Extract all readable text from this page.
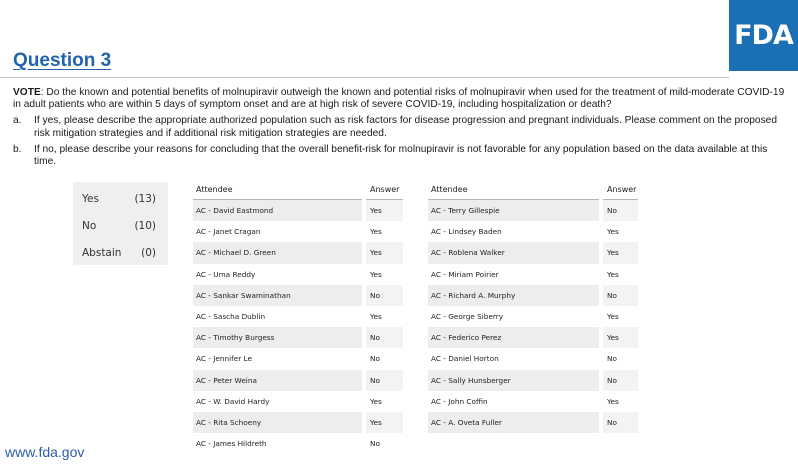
FDA
Question 3

VOTE: Do the known and potential benefits of molnupiravir outweigh the known and potential risks of molnupiravir when used for the treatment of mild-moderate COVID-19 in adult patients who are within 5 days of symptom onset and are at high risk of severe COVID-19, including hospitalization or death?

a.	If yes, please describe the appropriate authorized population such as risk factors for disease progression and pregnant individuals. Please comment on the proposed risk mitigation strategies and if additional risk mitigation strategies are needed.
b.	If no, please describe your reasons for concluding that the overall benefit-risk for molnupiravir is not favorable for any population based on the data available at this time.
Yes	(13)
No	(10)
Abstain (0)
Attendee	Answer
AC - David Eastmond	Yes
AC - Janet Cragan	Yes
AC - Michael D. Green	Yes
AC - Uma Reddy	Yes
AC - Sankar Swaminathan	No
AC - Sascha Dublin	Yes
AC - Timothy Burgess	No
AC - Jennifer Le	No
AC - Peter Weina	No
AC - W. David Hardy	Yes
AC - Rita Schoeny	Yes
AC - James Hildreth	No
Attendee	Answer
AC - Terry Gillespie	No
AC - Lindsey Baden	Yes
AC - Roblena Walker	Yes
AC - Miriam Poirier	Yes
AC - Richard A. Murphy	No
AC - George Siberry	Yes
AC - Federico Perez	Yes
AC - Daniel Horton	No
AC - Sally Hunsberger	No
AC - John Coffin	Yes
AC - A. Oveta Fuller	No
www.fda.gov
